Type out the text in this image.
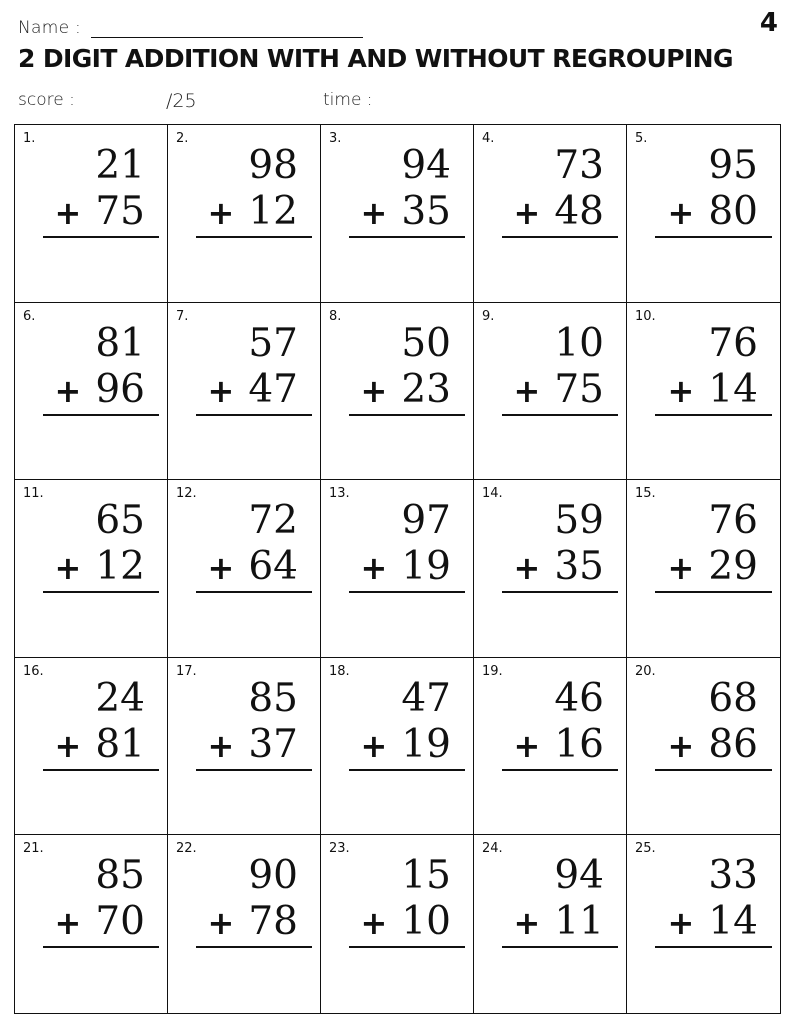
Name :	4
2 DIGIT ADDITION WITH AND WITHOUT REGROUPING
score :	/25	time :
1.
21
+ 75
2.
98
+ 12
3.
94
+ 35
4.
73
+ 48
5.
95
+ 80
6.
81
+ 96
7.
57
+ 47
8.
50
+ 23
9.
10
+ 75
10.
76
+ 14
11.
65
+ 12
12.
72
+ 64
13.
97
+ 19
14.
59
+ 35
15.
76
+ 29
16.
24
+ 81
17.
85
+ 37
18.
47
+ 19
19.
46
+ 16
20.
68
+ 86
21.
85
+ 70
22.
90
+ 78
23.
15
+ 10
24.
94
+ 11
25.
33
+ 14
